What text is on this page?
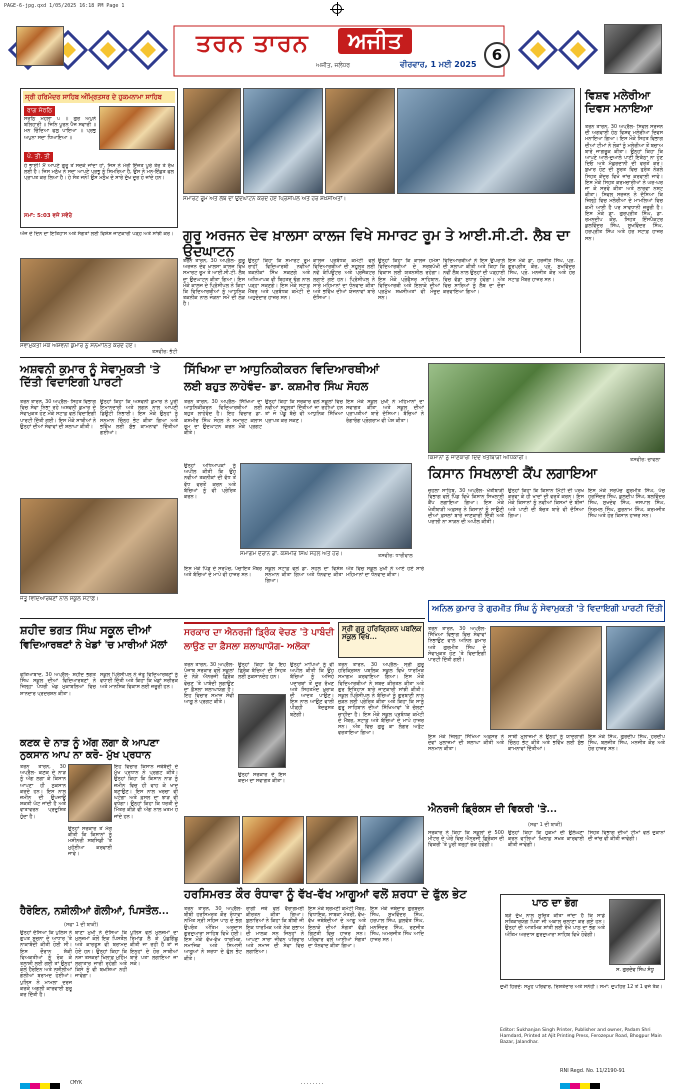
PAGE-6-jpg.qxd 1/05/2025 16:18 PM Page 1
ਤਰਨ ਤਾਰਨ	ਅਜੀਤ
ਅਜੀਤ, ਜਲੰਧਰ	ਵੀਰਵਾਰ, 1 ਮਈ 2025
6
ਸ੍ਰੀ ਹਰਿਮੰਦਰ ਸਾਹਿਬ ਅੰਮ੍ਰਿਤਸਰ ਦੇ ਹੁਕਮਨਾਮਾ ਸਾਹਿਬ
ਰਾਗ ਸੋਰਠਿ
ਸੋਰਠਿ ਮਹਲਾ ੫ ॥ ਗੁਰ ਅਪੁਨੇ ਬਲਿਹਾਰੀ ॥ ਜਿਨਿ ਪੂਰਨ ਪੈਜ ਸਵਾਰੀ ॥ ਮਨ ਚਿੰਦਿਆ ਫਲੁ ਪਾਇਆ ॥ ਪ੍ਰਭੁ ਅਪੁਨਾ ਸਦਾ ਧਿਆਇਆ ॥
ਪੰ. ਤੀ. ਤੀ
ਹੇ ਭਾਈ! ਮੈਂ ਆਪਣੇ ਗੁਰੂ ਤੋਂ ਸਦਕੇ ਜਾਂਦਾ ਹਾਂ, ਜਿਸ ਨੇ ਮੇਰੀ ਇੱਜ਼ਤ ਪੂਰੇ ਤੌਰ ਤੇ ਰੱਖ ਲਈ ਹੈ। ਜਿਸ ਮਨੁੱਖ ਨੇ ਸਦਾ ਆਪਣੇ ਪ੍ਰਭੂ ਨੂੰ ਸਿਮਰਿਆ ਹੈ, ਉਸ ਨੇ ਮਨ-ਇੱਛਤ ਫਲ ਪ੍ਰਾਪਤ ਕਰ ਲਿਆ ਹੈ। ਹੇ ਸੰਤ ਜਨੋ! ਉਸ ਮਨੁੱਖ ਦੇ ਸਾਰੇ ਦੁੱਖ ਦੂਰ ਹੋ ਜਾਂਦੇ ਹਨ।
ਸਮਾਂ: 5:03 ਵਜੇ ਸਵੇਰੇ
ਅੱਜ ਦੇ ਦਿਨ ਦਾ ਇਤਿਹਾਸ ਅਤੇ ਸੰਗਤਾਂ ਲਈ ਵਿਸ਼ੇਸ਼ ਜਾਣਕਾਰੀ ਪੜ੍ਹੋ ਅਤੇ ਸਾਂਝੀ ਕਰੋ।
ਸੇਵਾਮੁਕਤੀ ਮੌਕੇ ਅਸ਼ਵਨੀ ਕੁਮਾਰ ਨੂੰ ਸਨਮਾਨਿਤ ਕਰਦੇ ਹੋਏ।
ਤਸਵੀਰ: ਭੱਟੀ
ਸਮਾਰਟ ਰੂਮ ਅਤੇ ਲੈਬ ਦਾ ਉਦਘਾਟਨ ਕਰਦੇ ਹੋਏ ਪ੍ਰਿੰਸੀਪਲ ਅਤੇ ਹੋਰ ਸ਼ਖ਼ਸੀਅਤਾਂ।
ਗੁਰੂ ਅਰਜਨ ਦੇਵ ਖ਼ਾਲਸਾ ਕਾਲਜ ਵਿਖੇ ਸਮਾਰਟ ਰੂਮ ਤੇ ਆਈ.ਸੀ.ਟੀ. ਲੈਬ ਦਾ ਉਦਘਾਟਨ
ਤਰਨ ਤਾਰਨ, 30 ਅਪ੍ਰੈਲ- ਗੁਰੂ ਅਰਜਨ ਦੇਵ ਖ਼ਾਲਸਾ ਕਾਲਜ ਵਿਖੇ ਸਮਾਰਟ ਰੂਮ ਤੇ ਆਈ.ਸੀ.ਟੀ. ਲੈਬ ਦਾ ਉਦਘਾਟਨ ਕੀਤਾ ਗਿਆ। ਇਸ ਮੌਕੇ ਕਾਲਜ ਦੇ ਪ੍ਰਿੰਸੀਪਲ ਨੇ ਕਿਹਾ ਕਿ ਵਿਦਿਆਰਥੀਆਂ ਨੂੰ ਆਧੁਨਿਕ ਤਕਨੀਕ ਨਾਲ ਜੋੜਨਾ ਸਮੇਂ ਦੀ ਲੋੜ ਹੈ।
ਉਨ੍ਹਾਂ ਕਿਹਾ ਕਿ ਸਮਾਰਟ ਰੂਮ ਰਾਹੀਂ ਵਿਦਿਆਰਥੀ ਨਵੀਆਂ ਤਕਨੀਕਾਂ ਸਿੱਖ ਸਕਣਗੇ ਅਤੇ ਅਧਿਆਪਕ ਵੀ ਬਿਹਤਰ ਢੰਗ ਨਾਲ ਪੜ੍ਹਾ ਸਕਣਗੇ। ਇਸ ਮੌਕੇ ਸਟਾਫ਼ ਮੈਂਬਰ ਅਤੇ ਪ੍ਰਬੰਧਕ ਕਮੇਟੀ ਦੇ ਅਹੁਦੇਦਾਰ ਹਾਜ਼ਰ ਸਨ।
ਕਾਲਜ ਪ੍ਰਬੰਧਕ ਕਮੇਟੀ ਵਲੋਂ ਵਿਦਿਆਰਥੀਆਂ ਦੀ ਸਹੂਲਤ ਲਈ ਨਵੇਂ ਕੰਪਿਊਟਰ ਅਤੇ ਪ੍ਰੋਜੈਕਟਰ ਲਗਾਏ ਗਏ ਹਨ। ਪ੍ਰਿੰਸੀਪਲ ਨੇ ਸਾਰੇ ਮਹਿਮਾਨਾਂ ਦਾ ਧੰਨਵਾਦ ਕੀਤਾ ਅਤੇ ਭਵਿੱਖ ਦੀਆਂ ਯੋਜਨਾਵਾਂ ਬਾਰੇ ਦੱਸਿਆ।
ਉਨ੍ਹਾਂ ਕਿਹਾ ਕਿ ਕਾਲਜ ਹਮੇਸ਼ਾ ਵਿਦਿਆਰਥੀਆਂ ਦੇ ਸਰਬਪੱਖੀ ਵਿਕਾਸ ਲਈ ਯਤਨਸ਼ੀਲ ਰਹੇਗਾ। ਇਸ ਮੌਕੇ ਪ੍ਰੋਫੈਸਰ ਸਾਹਿਬਾਨ, ਵਿਦਿਆਰਥੀ ਅਤੇ ਇਲਾਕੇ ਦੀਆਂ ਪ੍ਰਮੁੱਖ ਸ਼ਖ਼ਸੀਅਤਾਂ ਵੀ ਮੌਜੂਦ ਸਨ।
ਵਿਦਿਆਰਥੀਆਂ ਨੇ ਇਸ ਉਪਰਾਲੇ ਦੀ ਸ਼ਲਾਘਾ ਕੀਤੀ ਅਤੇ ਕਿਹਾ ਕਿ ਨਵੀਂ ਲੈਬ ਨਾਲ ਉਨ੍ਹਾਂ ਦੀ ਪੜ੍ਹਾਈ ਵਿਚ ਵੱਡਾ ਸੁਧਾਰ ਹੋਵੇਗਾ। ਅੰਤ ਵਿਚ ਸਾਰਿਆਂ ਨੂੰ ਲੈਬ ਦਾ ਦੌਰਾ ਕਰਵਾਇਆ ਗਿਆ।
ਇਸ ਮੌਕੇ ਡਾ. ਹਰਜੀਤ ਸਿੰਘ, ਪ੍ਰੋ. ਗੁਰਪ੍ਰੀਤ ਕੌਰ, ਪ੍ਰੋ. ਸੁਖਵਿੰਦਰ ਸਿੰਘ, ਪ੍ਰੋ. ਮਨਜੀਤ ਕੌਰ ਅਤੇ ਹੋਰ ਸਟਾਫ਼ ਮੈਂਬਰ ਹਾਜ਼ਰ ਸਨ।
ਵਿਸ਼ਵ ਮਲੇਰੀਆ ਦਿਵਸ ਮਨਾਇਆ
ਤਰਨ ਤਾਰਨ, 30 ਅਪ੍ਰੈਲ- ਸਿਵਲ ਸਰਜਨ ਦੀ ਅਗਵਾਈ ਹੇਠ ਵਿਸ਼ਵ ਮਲੇਰੀਆ ਦਿਵਸ ਮਨਾਇਆ ਗਿਆ। ਇਸ ਮੌਕੇ ਸਿਹਤ ਵਿਭਾਗ ਦੀਆਂ ਟੀਮਾਂ ਨੇ ਲੋਕਾਂ ਨੂੰ ਮਲੇਰੀਆ ਤੋਂ ਬਚਾਅ ਬਾਰੇ ਜਾਗਰੂਕ ਕੀਤਾ। ਉਨ੍ਹਾਂ ਕਿਹਾ ਕਿ ਆਪਣੇ ਆਲੇ-ਦੁਆਲੇ ਪਾਣੀ ਇਕੱਠਾ ਨਾ ਹੋਣ ਦਿਓ ਅਤੇ ਮੱਛਰਦਾਨੀ ਦੀ ਵਰਤੋਂ ਕਰੋ। ਬੁਖਾਰ ਹੋਣ ਦੀ ਸੂਰਤ ਵਿਚ ਤੁਰੰਤ ਨੇੜਲੇ ਸਿਹਤ ਕੇਂਦਰ ਵਿਖੇ ਜਾਂਚ ਕਰਵਾਈ ਜਾਵੇ। ਇਸ ਮੌਕੇ ਸਿਹਤ ਕਰਮਚਾਰੀਆਂ ਨੇ ਘਰ-ਘਰ ਜਾ ਕੇ ਸਰਵੇ ਕੀਤਾ ਅਤੇ ਲਾਰਵਾ ਨਸ਼ਟ ਕੀਤਾ। ਸਿਵਲ ਸਰਜਨ ਨੇ ਦੱਸਿਆ ਕਿ ਜ਼ਿਲ੍ਹੇ ਵਿਚ ਮਲੇਰੀਆ ਦੇ ਮਾਮਲਿਆਂ ਵਿਚ ਕਮੀ ਆਈ ਹੈ ਪਰ ਸਾਵਧਾਨੀ ਜ਼ਰੂਰੀ ਹੈ। ਇਸ ਮੌਕੇ ਡਾ. ਗੁਰਪ੍ਰੀਤ ਸਿੰਘ, ਡਾ. ਰਮਨਦੀਪ ਕੌਰ, ਸਿਹਤ ਇੰਸਪੈਕਟਰ ਕੁਲਵਿੰਦਰ ਸਿੰਘ, ਸੁਖਵਿੰਦਰ ਸਿੰਘ, ਹਰਪ੍ਰੀਤ ਸਿੰਘ ਅਤੇ ਹੋਰ ਸਟਾਫ਼ ਹਾਜ਼ਰ ਸਨ।
ਅਸ਼ਵਨੀ ਕੁਮਾਰ ਨੂੰ ਸੇਵਾਮੁਕਤੀ 'ਤੇ ਦਿੱਤੀ ਵਿਦਾਇਗੀ ਪਾਰਟੀ
ਤਰਨ ਤਾਰਨ, 30 ਅਪ੍ਰੈਲ- ਸਿਹਤ ਵਿਭਾਗ ਵਿਚ ਸੇਵਾ ਨਿਭਾ ਰਹੇ ਅਸ਼ਵਨੀ ਕੁਮਾਰ ਦੇ ਸੇਵਾਮੁਕਤ ਹੋਣ ਮੌਕੇ ਸਟਾਫ਼ ਵਲੋਂ ਵਿਦਾਇਗੀ ਪਾਰਟੀ ਦਿੱਤੀ ਗਈ। ਇਸ ਮੌਕੇ ਸਾਥੀਆਂ ਨੇ ਉਨ੍ਹਾਂ ਦੀਆਂ ਸੇਵਾਵਾਂ ਦੀ ਸ਼ਲਾਘਾ ਕੀਤੀ।
ਉਨ੍ਹਾਂ ਕਿਹਾ ਕਿ ਅਸ਼ਵਨੀ ਕੁਮਾਰ ਨੇ ਪੂਰੀ ਇਮਾਨਦਾਰੀ ਅਤੇ ਲਗਨ ਨਾਲ ਆਪਣੀ ਡਿਊਟੀ ਨਿਭਾਈ। ਇਸ ਮੌਕੇ ਉਨ੍ਹਾਂ ਨੂੰ ਸਨਮਾਨ ਚਿੰਨ੍ਹ ਭੇਟ ਕੀਤਾ ਗਿਆ ਅਤੇ ਭਵਿੱਖ ਲਈ ਸ਼ੁੱਭ ਕਾਮਨਾਵਾਂ ਦਿੱਤੀਆਂ ਗਈਆਂ।
ਸਿੱਖਿਆ ਦਾ ਆਧੁਨਿਕੀਕਰਨ ਵਿਦਿਆਰਥੀਆਂ
ਲਈ ਬਹੁਤ ਲਾਹੇਵੰਦ- ਡਾ. ਕਸ਼ਮੀਰ ਸਿੰਘ ਸੋਹਲ
ਤਰਨ ਤਾਰਨ, 30 ਅਪ੍ਰੈਲ- ਸਿੱਖਿਆ ਦਾ ਆਧੁਨਿਕੀਕਰਨ ਵਿਦਿਆਰਥੀਆਂ ਲਈ ਬਹੁਤ ਲਾਹੇਵੰਦ ਹੈ। ਇਹ ਵਿਚਾਰ ਡਾ. ਕਸ਼ਮੀਰ ਸਿੰਘ ਸੋਹਲ ਨੇ ਸਮਾਰਟ ਕਲਾਸ ਰੂਮ ਦਾ ਉਦਘਾਟਨ ਕਰਨ ਮੌਕੇ ਪ੍ਰਗਟ ਕੀਤੇ।
ਉਨ੍ਹਾਂ ਕਿਹਾ ਕਿ ਸਰਕਾਰ ਵਲੋਂ ਸਕੂਲਾਂ ਵਿਚ ਨਵੀਆਂ ਸਹੂਲਤਾਂ ਦਿੱਤੀਆਂ ਜਾ ਰਹੀਆਂ ਹਨ ਤਾਂ ਜੋ ਪੇਂਡੂ ਬੱਚੇ ਵੀ ਆਧੁਨਿਕ ਸਿੱਖਿਆ ਪ੍ਰਾਪਤ ਕਰ ਸਕਣ।
ਇਸ ਮੌਕੇ ਸਕੂਲ ਮੁਖੀ ਨੇ ਮਹਿਮਾਨਾਂ ਦਾ ਸਵਾਗਤ ਕੀਤਾ ਅਤੇ ਸਕੂਲ ਦੀਆਂ ਪ੍ਰਾਪਤੀਆਂ ਬਾਰੇ ਦੱਸਿਆ। ਬੱਚਿਆਂ ਨੇ ਰੰਗਾਰੰਗ ਪ੍ਰੋਗਰਾਮ ਵੀ ਪੇਸ਼ ਕੀਤਾ।
ਉਨ੍ਹਾਂ ਅਧਿਆਪਕਾਂ ਨੂੰ ਅਪੀਲ ਕੀਤੀ ਕਿ ਉਹ ਨਵੀਆਂ ਤਕਨੀਕਾਂ ਦੀ ਵੱਧ ਤੋਂ ਵੱਧ ਵਰਤੋਂ ਕਰਨ ਅਤੇ ਬੱਚਿਆਂ ਨੂੰ ਵੀ ਪ੍ਰੇਰਿਤ ਕਰਨ।
ਸਮਾਗਮ ਦੌਰਾਨ ਡਾ. ਕਸ਼ਮੀਰ ਸਿੰਘ ਸੋਹਲ ਅਤੇ ਹੋਰ।	ਤਸਵੀਰ: ਧਾਰੀਵਾਲ
ਇਸ ਮੌਕੇ ਪਿੰਡ ਦੇ ਸਰਪੰਚ, ਪੰਚਾਇਤ ਮੈਂਬਰ ਅਤੇ ਬੱਚਿਆਂ ਦੇ ਮਾਪੇ ਵੀ ਹਾਜ਼ਰ ਸਨ।
ਸਕੂਲ ਸਟਾਫ਼ ਵਲੋਂ ਡਾ. ਸੋਹਲ ਦਾ ਵਿਸ਼ੇਸ਼ ਸਨਮਾਨ ਕੀਤਾ ਗਿਆ ਅਤੇ ਧੰਨਵਾਦ ਕੀਤਾ ਗਿਆ।
ਅੰਤ ਵਿਚ ਸਕੂਲ ਮੁਖੀ ਨੇ ਆਏ ਹੋਏ ਸਾਰੇ ਮਹਿਮਾਨਾਂ ਦਾ ਧੰਨਵਾਦ ਕੀਤਾ।
ਜੇਤੂ ਵਿਦਿਆਰਥਣਾਂ ਨਾਲ ਸਕੂਲ ਸਟਾਫ਼।
ਕਿਸਾਨਾਂ ਨੂੰ ਜਾਣਕਾਰੀ ਦਿੰਦੇ ਖੇਤੀਬਾੜੀ ਅਧਿਕਾਰੀ।	ਤਸਵੀਰ: ਚਾਵਲਾ
ਕਿਸਾਨ ਸਿਖਲਾਈ ਕੈਂਪ ਲਗਾਇਆ
ਚੋਹਲਾ ਸਾਹਿਬ, 30 ਅਪ੍ਰੈਲ- ਖੇਤੀਬਾੜੀ ਵਿਭਾਗ ਵਲੋਂ ਪਿੰਡ ਵਿਖੇ ਕਿਸਾਨ ਸਿਖਲਾਈ ਕੈਂਪ ਲਗਾਇਆ ਗਿਆ। ਇਸ ਮੌਕੇ ਖੇਤੀਬਾੜੀ ਅਫ਼ਸਰ ਨੇ ਕਿਸਾਨਾਂ ਨੂੰ ਸਾਉਣੀ ਦੀਆਂ ਫ਼ਸਲਾਂ ਬਾਰੇ ਜਾਣਕਾਰੀ ਦਿੱਤੀ ਅਤੇ ਪਰਾਲੀ ਨਾ ਸਾੜਨ ਦੀ ਅਪੀਲ ਕੀਤੀ।
ਉਨ੍ਹਾਂ ਕਿਹਾ ਕਿ ਕਿਸਾਨ ਮਿੱਟੀ ਦੀ ਪਰਖ ਕਰਵਾ ਕੇ ਹੀ ਖਾਦਾਂ ਦੀ ਵਰਤੋਂ ਕਰਨ। ਇਸ ਮੌਕੇ ਕਿਸਾਨਾਂ ਨੂੰ ਨਵੀਆਂ ਕਿਸਮਾਂ ਦੇ ਬੀਜਾਂ ਅਤੇ ਪਾਣੀ ਦੀ ਬੱਚਤ ਬਾਰੇ ਵੀ ਦੱਸਿਆ ਗਿਆ।
ਇਸ ਮੌਕੇ ਸਰਪੰਚ ਗੁਰਮੀਤ ਸਿੰਘ, ਪੰਚ ਹਰਜਿੰਦਰ ਸਿੰਘ, ਕੁਲਦੀਪ ਸਿੰਘ, ਬਲਵਿੰਦਰ ਸਿੰਘ, ਸੁਖਦੇਵ ਸਿੰਘ, ਜਸਪਾਲ ਸਿੰਘ, ਨਿਰਮਲ ਸਿੰਘ, ਗੁਰਨਾਮ ਸਿੰਘ, ਕਰਮਜੀਤ ਸਿੰਘ ਅਤੇ ਹੋਰ ਕਿਸਾਨ ਹਾਜ਼ਰ ਸਨ।
ਸ਼ਹੀਦ ਭਗਤ ਸਿੰਘ ਸਕੂਲ ਦੀਆਂ
ਵਿਦਿਆਰਥਣਾਂ ਨੇ ਖੇਡਾਂ 'ਚ ਮਾਰੀਆਂ ਮੱਲਾਂ
ਫਤਿਆਬਾਦ, 30 ਅਪ੍ਰੈਲ- ਸ਼ਹੀਦ ਭਗਤ ਸਿੰਘ ਸਕੂਲ ਦੀਆਂ ਵਿਦਿਆਰਥਣਾਂ ਨੇ ਜ਼ਿਲ੍ਹਾ ਪੱਧਰੀ ਖੇਡ ਮੁਕਾਬਲਿਆਂ ਵਿਚ ਸ਼ਾਨਦਾਰ ਪ੍ਰਦਰਸ਼ਨ ਕੀਤਾ।
ਸਕੂਲ ਪ੍ਰਿੰਸੀਪਲ ਨੇ ਜੇਤੂ ਵਿਦਿਆਰਥਣਾਂ ਨੂੰ ਵਧਾਈ ਦਿੱਤੀ ਅਤੇ ਕਿਹਾ ਕਿ ਖੇਡਾਂ ਸਰੀਰਕ ਅਤੇ ਮਾਨਸਿਕ ਵਿਕਾਸ ਲਈ ਜ਼ਰੂਰੀ ਹਨ।
ਕਣਕ ਦੇ ਨਾੜ ਨੂੰ ਅੱਗ ਲਗਾ ਕੇ ਆਪਣਾ ਨੁਕਸਾਨ ਆਪ ਨਾ ਕਰੋ- ਮੁੱਖ ਪ੍ਰਧਾਨ
ਤਰਨ ਤਾਰਨ, 30 ਅਪ੍ਰੈਲ- ਕਣਕ ਦੇ ਨਾੜ ਨੂੰ ਅੱਗ ਲਗਾ ਕੇ ਕਿਸਾਨ ਆਪਣਾ ਹੀ ਨੁਕਸਾਨ ਕਰਦੇ ਹਨ। ਇਸ ਨਾਲ ਜ਼ਮੀਨ ਦੀ ਉਪਜਾਊ ਸ਼ਕਤੀ ਘੱਟ ਜਾਂਦੀ ਹੈ ਅਤੇ ਵਾਤਾਵਰਨ ਪ੍ਰਦੂਸ਼ਿਤ ਹੁੰਦਾ ਹੈ।
ਇਹ ਵਿਚਾਰ ਕਿਸਾਨ ਜਥੇਬੰਦੀ ਦੇ ਮੁੱਖ ਪ੍ਰਧਾਨ ਨੇ ਪ੍ਰਗਟ ਕੀਤੇ। ਉਨ੍ਹਾਂ ਕਿਹਾ ਕਿ ਕਿਸਾਨ ਨਾੜ ਨੂੰ ਜ਼ਮੀਨ ਵਿਚ ਹੀ ਵਾਹ ਕੇ ਖਾਦ ਬਣਾਉਣ। ਇਸ ਨਾਲ ਖਰਚਾ ਵੀ ਘਟੇਗਾ ਅਤੇ ਫ਼ਸਲ ਦਾ ਝਾੜ ਵੀ ਵਧੇਗਾ। ਉਨ੍ਹਾਂ ਕਿਹਾ ਕਿ ਧਰਤੀ ਦੇ ਮਿੱਤਰ ਕੀੜੇ ਵੀ ਅੱਗ ਨਾਲ ਖ਼ਤਮ ਹੋ ਜਾਂਦੇ ਹਨ।
ਉਨ੍ਹਾਂ ਸਰਕਾਰ ਤੋਂ ਮੰਗ ਕੀਤੀ ਕਿ ਕਿਸਾਨਾਂ ਨੂੰ ਮਸ਼ੀਨਰੀ ਸਬਸਿਡੀ 'ਤੇ ਮੁਹੱਈਆ ਕਰਵਾਈ ਜਾਵੇ।
ਹੈਰੋਇਨ, ਨਸ਼ੀਲੀਆਂ ਗੋਲੀਆਂ, ਪਿਸਤੌਲ...
(ਸਫਾ 1 ਦੀ ਬਾਕੀ)
ਉਨ੍ਹਾਂ ਦੱਸਿਆ ਕਿ ਪੁਲਿਸ ਨੇ ਗੁਪਤ ਸੂਚਨਾ ਦੇ ਆਧਾਰ 'ਤੇ ਨਾਕਾਬੰਦੀ ਕੀਤੀ ਹੋਈ ਸੀ। ਇਸ ਦੌਰਾਨ ਸ਼ੱਕੀ ਵਿਅਕਤੀਆਂ ਨੂੰ ਰੋਕ ਕੇ ਤਲਾਸ਼ੀ ਲਈ ਗਈ ਤਾਂ ਉਨ੍ਹਾਂ ਕੋਲੋਂ ਹੈਰੋਇਨ ਅਤੇ ਨਸ਼ੀਲੀਆਂ ਗੋਲੀਆਂ ਬਰਾਮਦ ਹੋਈਆਂ। ਪੁਲਿਸ ਨੇ ਮਾਮਲਾ ਦਰਜ ਕਰਕੇ ਅਗਲੀ ਕਾਰਵਾਈ ਸ਼ੁਰੂ ਕਰ ਦਿੱਤੀ ਹੈ।
ਥਾਣਾ ਮੁਖੀ ਨੇ ਦੱਸਿਆ ਕਿ ਮੁਲਜ਼ਮਾਂ ਕੋਲੋਂ ਇਕ ਪਿਸਤੌਲ ਅਤੇ ਕਾਰਤੂਸ ਵੀ ਬਰਾਮਦ ਹੋਏ ਹਨ। ਉਨ੍ਹਾਂ ਕਿਹਾ ਕਿ ਨਸ਼ਾ ਤਸਕਰਾਂ ਖ਼ਿਲਾਫ਼ ਮੁਹਿੰਮ ਲਗਾਤਾਰ ਜਾਰੀ ਰਹੇਗੀ ਅਤੇ ਕਿਸੇ ਨੂੰ ਵੀ ਬਖ਼ਸ਼ਿਆ ਨਹੀਂ ਜਾਵੇਗਾ।
ਪੁਲਿਸ ਵਲੋਂ ਮੁਲਜ਼ਮਾਂ ਦਾ ਰਿਮਾਂਡ ਲੈ ਕੇ ਪੁੱਛਗਿੱਛ ਕੀਤੀ ਜਾ ਰਹੀ ਹੈ ਤਾਂ ਜੋ ਇਨ੍ਹਾਂ ਦੇ ਹੋਰ ਸਾਥੀਆਂ ਬਾਰੇ ਪਤਾ ਲਗਾਇਆ ਜਾ ਸਕੇ।
ਸਰਕਾਰ ਦਾ ਐਨਰਜੀ ਡ੍ਰਿੰਕ ਵੇਚਣ 'ਤੇ ਪਾਬੰਦੀ
ਲਾਉਣ ਦਾ ਫ਼ੈਸਲਾ ਸ਼ਲਾਘਾਯੋਗ- ਅਲੋਕਾ
ਤਰਨ ਤਾਰਨ, 30 ਅਪ੍ਰੈਲ- ਪੰਜਾਬ ਸਰਕਾਰ ਵਲੋਂ ਸਕੂਲਾਂ ਦੇ ਨੇੜੇ ਐਨਰਜੀ ਡ੍ਰਿੰਕ ਵੇਚਣ 'ਤੇ ਪਾਬੰਦੀ ਲਗਾਉਣ ਦਾ ਫ਼ੈਸਲਾ ਸ਼ਲਾਘਾਯੋਗ ਹੈ। ਇਹ ਵਿਚਾਰ ਸਮਾਜ ਸੇਵੀ ਆਗੂ ਨੇ ਪ੍ਰਗਟ ਕੀਤੇ।
ਉਨ੍ਹਾਂ ਕਿਹਾ ਕਿ ਇਹ ਡ੍ਰਿੰਕ ਬੱਚਿਆਂ ਦੀ ਸਿਹਤ ਲਈ ਨੁਕਸਾਨਦੇਹ ਹਨ।
ਉਨ੍ਹਾਂ ਮਾਪਿਆਂ ਨੂੰ ਵੀ ਅਪੀਲ ਕੀਤੀ ਕਿ ਉਹ ਬੱਚਿਆਂ ਨੂੰ ਅਜਿਹੇ ਪਦਾਰਥਾਂ ਤੋਂ ਦੂਰ ਰੱਖਣ ਅਤੇ ਸਿਹਤਮੰਦ ਖ਼ੁਰਾਕ ਦੀ ਆਦਤ ਪਾਉਣ। ਇਸ ਨਾਲ ਆਉਣ ਵਾਲੀ ਪੀੜ੍ਹੀ ਤੰਦਰੁਸਤ ਬਣੇਗੀ।
ਉਨ੍ਹਾਂ ਸਰਕਾਰ ਦੇ ਇਸ ਕਦਮ ਦਾ ਸਵਾਗਤ ਕੀਤਾ।
ਸ੍ਰੀ ਗੁਰੂ ਹਰਿਕ੍ਰਿਸ਼ਨ ਪਬਲਿਕ ਸਕੂਲ ਵਿਖੇ...
ਤਰਨ ਤਾਰਨ, 30 ਅਪ੍ਰੈਲ- ਸ੍ਰੀ ਗੁਰੂ ਹਰਿਕ੍ਰਿਸ਼ਨ ਪਬਲਿਕ ਸਕੂਲ ਵਿਖੇ ਧਾਰਮਿਕ ਸਮਾਗਮ ਕਰਵਾਇਆ ਗਿਆ। ਇਸ ਮੌਕੇ ਵਿਦਿਆਰਥੀਆਂ ਨੇ ਸ਼ਬਦ ਕੀਰਤਨ ਕੀਤਾ ਅਤੇ ਗੁਰ ਇਤਿਹਾਸ ਬਾਰੇ ਜਾਣਕਾਰੀ ਸਾਂਝੀ ਕੀਤੀ। ਸਕੂਲ ਪ੍ਰਿੰਸੀਪਲ ਨੇ ਬੱਚਿਆਂ ਨੂੰ ਗੁਰਬਾਣੀ ਨਾਲ ਜੁੜਨ ਲਈ ਪ੍ਰੇਰਿਤ ਕੀਤਾ ਅਤੇ ਕਿਹਾ ਕਿ ਸਾਨੂੰ ਗੁਰੂ ਸਾਹਿਬਾਨ ਦੀਆਂ ਸਿੱਖਿਆਵਾਂ 'ਤੇ ਚੱਲਣਾ ਚਾਹੀਦਾ ਹੈ। ਇਸ ਮੌਕੇ ਸਕੂਲ ਪ੍ਰਬੰਧਕ ਕਮੇਟੀ ਦੇ ਮੈਂਬਰ, ਸਟਾਫ਼ ਅਤੇ ਬੱਚਿਆਂ ਦੇ ਮਾਪੇ ਹਾਜ਼ਰ ਸਨ। ਅੰਤ ਵਿਚ ਗੁਰੂ ਕਾ ਲੰਗਰ ਅਤੁੱਟ ਵਰਤਾਇਆ ਗਿਆ।
ਅਨਿਲ ਕੁਮਾਰ ਤੇ ਗੁਰਮੀਤ ਸਿੰਘ ਨੂੰ ਸੇਵਾਮੁਕਤੀ 'ਤੇ ਵਿਦਾਇਗੀ ਪਾਰਟੀ ਦਿੱਤੀ
ਤਰਨ ਤਾਰਨ, 30 ਅਪ੍ਰੈਲ- ਸਿੱਖਿਆ ਵਿਭਾਗ ਵਿਚ ਸੇਵਾਵਾਂ ਨਿਭਾਉਣ ਵਾਲੇ ਅਨਿਲ ਕੁਮਾਰ ਅਤੇ ਗੁਰਮੀਤ ਸਿੰਘ ਦੇ ਸੇਵਾਮੁਕਤ ਹੋਣ 'ਤੇ ਵਿਦਾਇਗੀ ਪਾਰਟੀ ਦਿੱਤੀ ਗਈ।
ਇਸ ਮੌਕੇ ਜ਼ਿਲ੍ਹਾ ਸਿੱਖਿਆ ਅਫ਼ਸਰ ਨੇ ਦੋਵਾਂ ਮੁਲਾਜ਼ਮਾਂ ਦੀ ਸ਼ਲਾਘਾ ਕੀਤੀ ਅਤੇ ਸਨਮਾਨ ਕੀਤਾ।
ਸਾਥੀ ਮੁਲਾਜ਼ਮਾਂ ਨੇ ਉਨ੍ਹਾਂ ਨੂੰ ਯਾਦਗਾਰੀ ਚਿੰਨ੍ਹ ਭੇਟ ਕੀਤੇ ਅਤੇ ਭਵਿੱਖ ਲਈ ਸ਼ੁੱਭ ਕਾਮਨਾਵਾਂ ਦਿੱਤੀਆਂ।
ਇਸ ਮੌਕੇ ਸਿੰਘ, ਗੁਰਦੀਪ ਸਿੰਘ, ਹਰਦੀਪ ਸਿੰਘ, ਬਲਜੀਤ ਸਿੰਘ, ਮਨਜੀਤ ਕੌਰ ਅਤੇ ਹੋਰ ਹਾਜ਼ਰ ਸਨ।
ਐਨਰਜੀ ਡ੍ਰਿੰਕਸ ਦੀ ਵਿਕਰੀ 'ਤੇ...
(ਸਫਾ 1 ਦੀ ਬਾਕੀ)
ਸਰਕਾਰ ਨੇ ਕਿਹਾ ਕਿ ਸਕੂਲਾਂ ਦੇ 500 ਮੀਟਰ ਦੇ ਘੇਰੇ ਵਿਚ ਐਨਰਜੀ ਡ੍ਰਿੰਕਸ ਦੀ ਵਿਕਰੀ 'ਤੇ ਪੂਰੀ ਤਰ੍ਹਾਂ ਰੋਕ ਹੋਵੇਗੀ।
ਉਨ੍ਹਾਂ ਕਿਹਾ ਕਿ ਹੁਕਮਾਂ ਦੀ ਉਲੰਘਣਾ ਕਰਨ ਵਾਲਿਆਂ ਖ਼ਿਲਾਫ਼ ਸਖ਼ਤ ਕਾਰਵਾਈ ਕੀਤੀ ਜਾਵੇਗੀ।
ਸਿਹਤ ਵਿਭਾਗ ਦੀਆਂ ਟੀਮਾਂ ਵਲੋਂ ਦੁਕਾਨਾਂ ਦੀ ਜਾਂਚ ਵੀ ਕੀਤੀ ਜਾਵੇਗੀ।
ਹਰਸਿਮਰਤ ਕੌਰ ਰੰਧਾਵਾ ਨੂੰ ਵੱਖ-ਵੱਖ ਆਗੂਆਂ ਵਲੋਂ ਸ਼ਰਧਾ ਦੇ ਫੁੱਲ ਭੇਟ
ਤਰਨ ਤਾਰਨ, 30 ਅਪ੍ਰੈਲ- ਬੀਬੀ ਹਰਸਿਮਰਤ ਕੌਰ ਰੰਧਾਵਾ ਨਮਿੱਤ ਸ੍ਰੀ ਸਹਿਜ ਪਾਠ ਦੇ ਭੋਗ ਉਪਰੰਤ ਅੰਤਿਮ ਅਰਦਾਸ ਗੁਰਦੁਆਰਾ ਸਾਹਿਬ ਵਿਖੇ ਹੋਈ। ਇਸ ਮੌਕੇ ਵੱਖ-ਵੱਖ ਧਾਰਮਿਕ, ਸਮਾਜਿਕ ਅਤੇ ਸਿਆਸੀ ਆਗੂਆਂ ਨੇ ਸ਼ਰਧਾ ਦੇ ਫੁੱਲ ਭੇਟ ਕੀਤੇ।
ਰਾਗੀ ਜਥੇ ਵਲੋਂ ਵੈਰਾਗਮਈ ਕੀਰਤਨ ਕੀਤਾ ਗਿਆ। ਬੁਲਾਰਿਆਂ ਨੇ ਕਿਹਾ ਕਿ ਬੀਬੀ ਜੀ ਇਕ ਧਾਰਮਿਕ ਅਤੇ ਨੇਕ ਸੁਭਾਅ ਦੀ ਮਾਲਕ ਸਨ ਜਿਨ੍ਹਾਂ ਨੇ ਆਪਣਾ ਸਾਰਾ ਜੀਵਨ ਪਰਿਵਾਰ ਅਤੇ ਸਮਾਜ ਦੀ ਸੇਵਾ ਵਿਚ ਲਗਾਇਆ।
ਇਸ ਮੌਕੇ ਸ਼੍ਰੋਮਣੀ ਕਮੇਟੀ ਮੈਂਬਰ, ਵਿਧਾਇਕ, ਸਾਬਕਾ ਮੰਤਰੀ, ਵੱਖ-ਵੱਖ ਜਥੇਬੰਦੀਆਂ ਦੇ ਆਗੂ ਅਤੇ ਇਲਾਕੇ ਦੀਆਂ ਸੰਗਤਾਂ ਵੱਡੀ ਗਿਣਤੀ ਵਿਚ ਹਾਜ਼ਰ ਸਨ। ਪਰਿਵਾਰ ਵਲੋਂ ਆਈਆਂ ਸੰਗਤਾਂ ਦਾ ਧੰਨਵਾਦ ਕੀਤਾ ਗਿਆ।
ਇਸ ਮੌਕੇ ਜਥੇਦਾਰ ਗੁਰਬਚਨ ਸਿੰਘ, ਸੁਖਵਿੰਦਰ ਸਿੰਘ, ਹਰਪਾਲ ਸਿੰਘ, ਕੁਲਵੰਤ ਸਿੰਘ, ਮਨਜਿੰਦਰ ਸਿੰਘ, ਰਣਜੀਤ ਸਿੰਘ, ਅਮਰਜੀਤ ਸਿੰਘ ਆਦਿ ਹਾਜ਼ਰ ਸਨ।
ਪਾਠ ਦਾ ਭੋਗ
ਬੜੇ ਦੁੱਖ ਨਾਲ ਸੂਚਿਤ ਕੀਤਾ ਜਾਂਦਾ ਹੈ ਕਿ ਸਾਡੇ ਸਤਿਕਾਰਯੋਗ ਪਿਤਾ ਜੀ ਅਕਾਲ ਚਲਾਣਾ ਕਰ ਗਏ ਹਨ। ਉਨ੍ਹਾਂ ਦੀ ਆਤਮਿਕ ਸ਼ਾਂਤੀ ਲਈ ਰੱਖੇ ਪਾਠ ਦਾ ਭੋਗ ਅਤੇ ਅੰਤਿਮ ਅਰਦਾਸ ਗੁਰਦੁਆਰਾ ਸਾਹਿਬ ਵਿਖੇ ਹੋਵੇਗੀ।
ਸ. ਗੁਰਦੇਵ ਸਿੰਘ ਸੰਧੂ
ਦੁਖੀ ਹਿਰਦੇ: ਸਮੂਹ ਪਰਿਵਾਰ, ਰਿਸ਼ਤੇਦਾਰ ਅਤੇ ਸਨੇਹੀ। ਸਮਾਂ: ਦੁਪਹਿਰ 12 ਤੋਂ 1 ਵਜੇ ਤੱਕ।
Editor: Sukhanjan Singh Printer, Publisher and owner, Padam Shri Hamdard, Printed at Ajit Printing Press, Ferozepur Road, Bhogpur Main Bazar, Jalandhar.
RNI Regd. No. 11/2190-91
CMYK	........
